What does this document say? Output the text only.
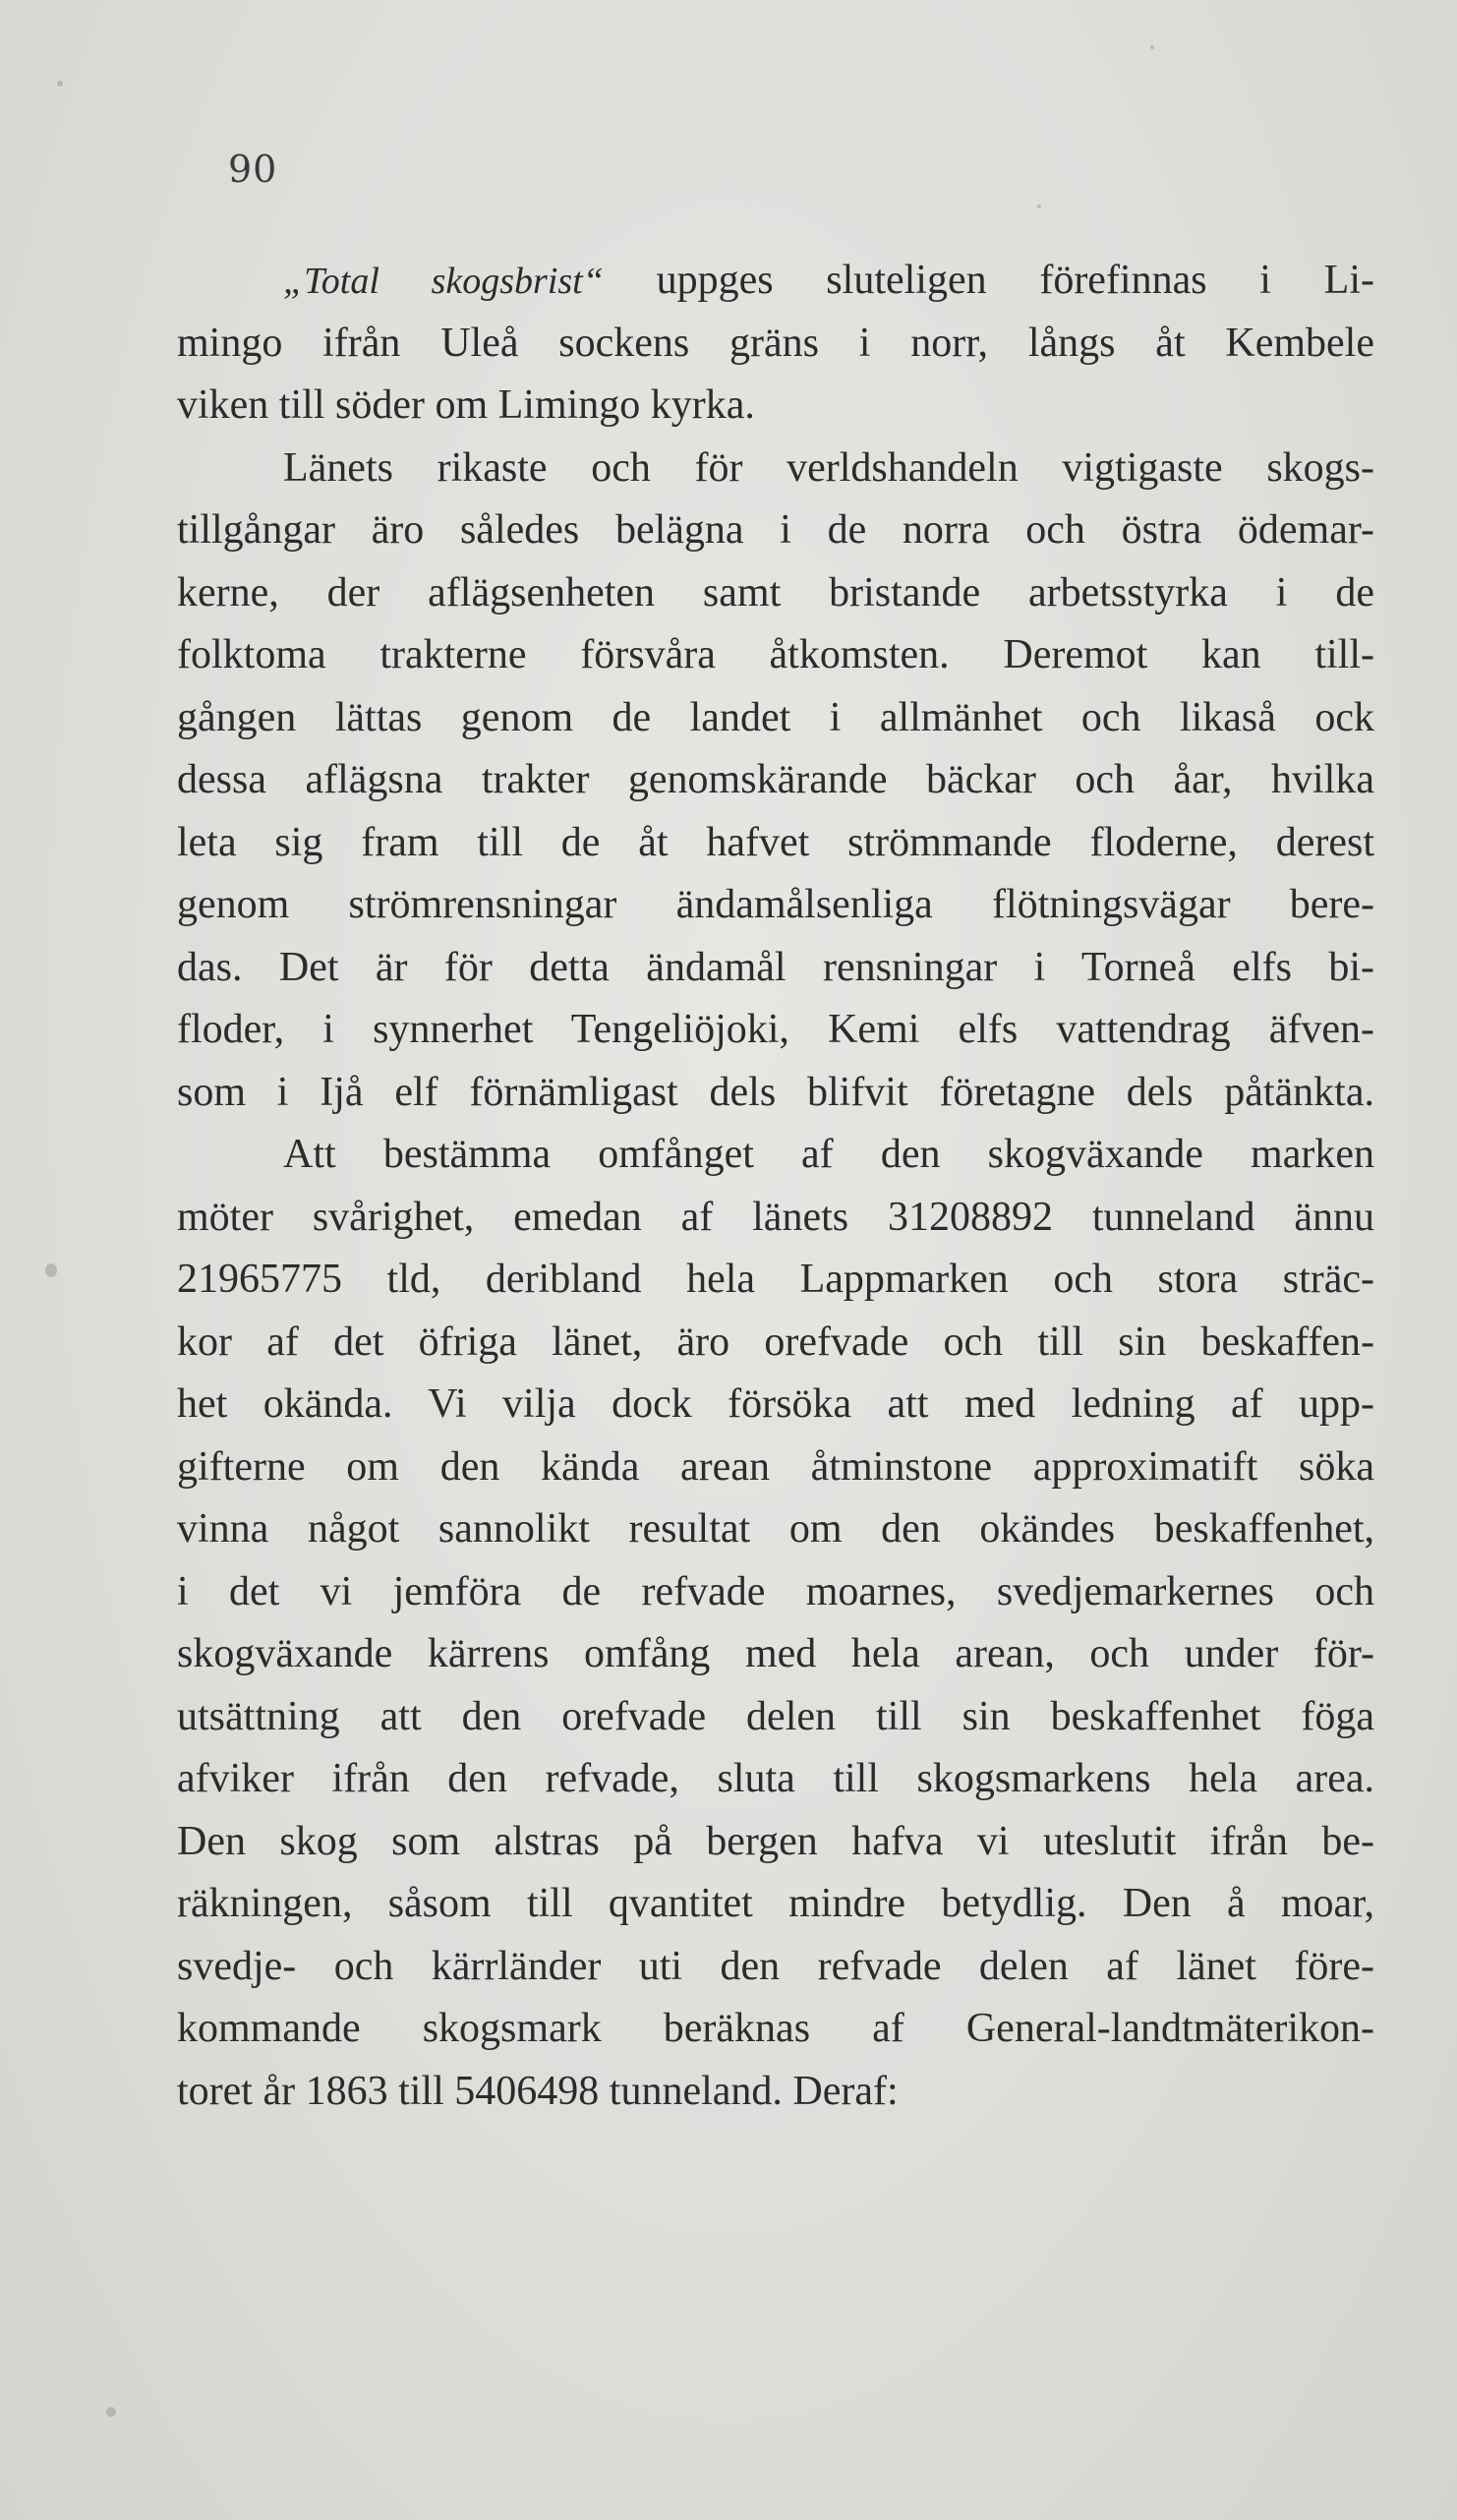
90
„Total skogsbrist“ uppges sluteligen förefinnas i Li-
mingo ifrån Uleå sockens gräns i norr, långs åt Kembele
viken till söder om Limingo kyrka.
Länets rikaste och för verldshandeln vigtigaste skogs-
tillgångar äro således belägna i de norra och östra ödemar-
kerne, der aflägsenheten samt bristande arbetsstyrka i de
folktoma trakterne försvåra åtkomsten. Deremot kan till-
gången lättas genom de landet i allmänhet och likaså ock
dessa aflägsna trakter genomskärande bäckar och åar, hvilka
leta sig fram till de åt hafvet strömmande floderne, derest
genom strömrensningar ändamålsenliga flötningsvägar bere-
das. Det är för detta ändamål rensningar i Torneå elfs bi-
floder, i synnerhet Tengeliöjoki, Kemi elfs vattendrag äfven-
som i Ijå elf förnämligast dels blifvit företagne dels påtänkta.
Att bestämma omfånget af den skogväxande marken
möter svårighet, emedan af länets 31208892 tunneland ännu
21965775 tld, deribland hela Lappmarken och stora sträc-
kor af det öfriga länet, äro orefvade och till sin beskaffen-
het okända. Vi vilja dock försöka att med ledning af upp-
gifterne om den kända arean åtminstone approximatift söka
vinna något sannolikt resultat om den okändes beskaffenhet,
i det vi jemföra de refvade moarnes, svedjemarkernes och
skogväxande kärrens omfång med hela arean, och under för-
utsättning att den orefvade delen till sin beskaffenhet föga
afviker ifrån den refvade, sluta till skogsmarkens hela area.
Den skog som alstras på bergen hafva vi uteslutit ifrån be-
räkningen, såsom till qvantitet mindre betydlig. Den å moar,
svedje- och kärrländer uti den refvade delen af länet före-
kommande skogsmark beräknas af General-landtmäterikon-
toret år 1863 till 5406498 tunneland. Deraf:
